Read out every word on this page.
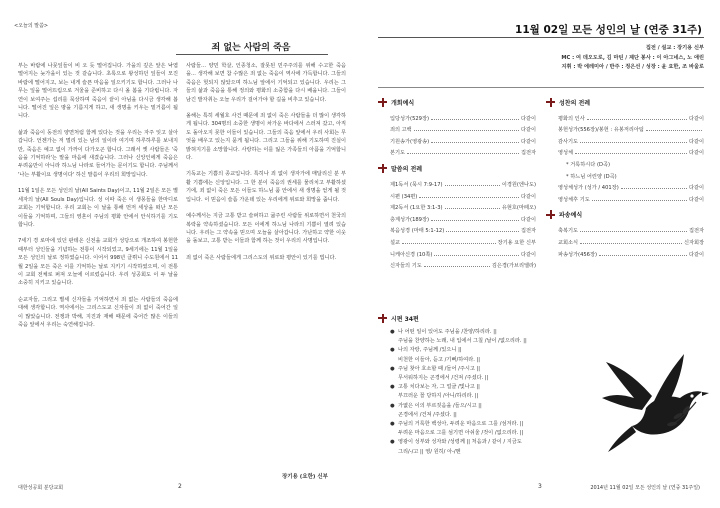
<오늘의 말씀>
죄 없는 사람의 죽음

부는 바람에 나뭇잎들이 비 오 듯 떨어집니다. 가을의 깊은 앞은 낙엽 떨어지는 늦가을이 있는 것 같습니다. 초록으로 왕성하던 잎들이 모진 바람에 떨어지고, 보는 내게 슬픈 마음을 일으키기도 합니다. 그러나 나무는 잎을 떨어뜨림으로 겨울을 준비하고 다시 올 봄을 기다립니다. 자연이 보여주는 섭리를 묵상하며 죽음이 끝이 아님을 다시금 생각해 봅니다. 떨어진 잎은 땅을 기름지게 하고, 새 생명을 키우는 밑거름이 됩니다.

삶과 죽음이 동전의 양면처럼 함께 있다는 것을 우리는 자주 잊고 살아갑니다. 언젠가는 저 멀리 있는 남의 일이라 여기며 하루하루를 보내지만, 죽음은 예고 없이 가까이 다가오곤 합니다. 그래서 옛 사람들은 '죽음을 기억하라'는 말을 마음에 새겼습니다. 그러나 신앙인에게 죽음은 두려움만이 아니라 하느님 나라로 들어가는 문이기도 합니다. 주님께서 '나는 부활이요 생명이다' 하신 말씀이 우리의 희망입니다.

11월 1일은 모든 성인의 날(All Saints Day)이고, 11월 2일은 모든 별세자의 날(All Souls Day)입니다. 성 이따 죽은 이 생몽들을 한마디로 교회는 기억합니다. 우리 교회는 이 날을 통해 먼저 세상을 떠난 모든 이들을 기억하며, 그들의 영혼이 주님의 평화 안에서 안식하기를 기도합니다.

7세기 경 로마에 있던 판테온 신전을 교회가 성당으로 개조하여 봉헌한 때부터 성인들을 기념하는 전통이 시작되었고, 9세기에는 11월 1일을 모든 성인의 날로 정하였습니다. 이어서 998년 클뤼니 수도원에서 11월 2일을 모든 죽은 이를 기억하는 날로 지키기 시작하였으며, 이 전통이 교회 전체로 퍼져 오늘에 이르렀습니다. 우리 성공회도 이 두 날을 소중히 지키고 있습니다.

순교자들, 그리고 별세 신자들을 기억하면서 죄 없는 사람들의 죽음에 대해 생각합니다. 역사에서는 그리스도교 신자들이 죄 없이 죽어간 일이 많았습니다. 전쟁과 박해, 지진과 재해 때문에 죽어간 많은 이들의 죽음 앞에서 우리는 숙연해집니다.

사람들... 양민 학살, 인종청소, 잘못된 민주주의를 위해 수고한 죽음을... 생각해 보면 참 수많은 죄 없는 죽음이 역사에 가득합니다. 그들의 죽음은 헛되지 않았으며 하느님 앞에서 기억되고 있습니다. 우리는 그들의 삶과 죽음을 통해 정의와 평화의 소중함을 다시 배웁니다. 그들이 남긴 발자취는 오늘 우리가 걸어가야 할 길을 비추고 있습니다.

올해는 특히 세월호 사건 때문에 죄 없이 죽은 사람들을 더 많이 생각하게 됩니다. 304명의 소중한 생명이 차가운 바다에서 스러져 갔고, 아직도 돌아오지 못한 이들이 있습니다. 그들의 죽음 앞에서 우리 사회는 무엇을 배우고 있는지 묻게 됩니다. 그리고 그들을 위해 기도하며 진실이 밝혀지기를 소망합니다. 사랑하는 이를 잃은 가족들의 아픔을 기억합니다.

기독교는 기쁨의 종교입니다. 특히나 죄 없이 생자가에 매달리신 분 부활 기쁨에는 신앙입니다. 그 한 분이 죽음의 권세를 물리치고 부활하셨기에, 죄 없이 죽은 모든 이들도 하느님 품 안에서 새 생명을 얻게 될 것입니다. 이 믿음이 슬픔 가운데 있는 우리에게 위로와 희망을 줍니다.

예수께서는 지금 고통 받고 슬퍼하고 굶주린 사람들 위로하면서 천국의 복락을 약속하셨습니다. 모든 이에게 하느님 나라의 기쁨이 열려 있습니다. 우리는 그 약속을 믿으며 오늘을 살아갑니다. 가난하고 약한 이웃을 돌보고, 고통 받는 이들과 함께 하는 것이 우리의 사명입니다.

죄 없이 죽은 사람들에게 그리스도의 위로와 평안이 있기를 빕니다.

장기용 (요한) 신부
대한성공회 분당교회	2
11월 02일 모든 성인의 날 (연중 31주)
집전 / 설교 : 장기용 신부
MC : 여 데오도로, 김 마틴 / 제단 봉사 : 이 아그네스, 노 애린
지휘 : 박 에레미아 / 반주 : 정은선 / 성장 : 윤 요한, 조 바울로
개회예식
입당성가(529장)	다같이
죄의 고백	다같이
기원송가(영광송)	다같이
본기도	집전자
말씀의 전례
제1독서 (묵시 7:9-17)	이경원(엔나도)
시편 (34편)	다같이
제2독서 (1요한 3:1-3)	유현호(마떼오)
층계성가(189장)	다같이
복음성경 (마태 5:1-12)	집전자
설교	장기용 요한 신부
니케아신경 (10쪽)	다같이
신자들의 기도	김은경(가브리엘라)
성찬의 전례
평화의 인사	다같이
봉헌성가(556장)/봉헌 : 유봉저리아팀
감사기도	다같이
영성체	다같이
* 거룩하시다 (D곡)
* 하느님 어린양 (D곡)
영성체성가 (성가 / 401장)	다같이
영성체후 기도	다같이
파송예식
축복기도	집전자
교회소식	신자회장
파송성가(456장)	다같이
시편 34편
● 나 어떤 일이 있어도 주님을 /찬양/하리라. ||
주님을 찬양하는 노래, 내 입에서 그칠 /날이 /없으리라. ||
● 나의 자랑, 주님께 /있으니 ||
비천한 이들아, 듣고 /기뻐/하여라. ||
● 주님 찾아 호소할 때 /들어 /주시고 ||
무서워하지는 곤경에서 /건져 /주셨다. ||
● 고통 치다보는 자, 그 얼굴 /빛나고 ||
부끄러운 꼴 당하지 /아니/하리라. ||
● 가엾은 이의 부르짖음을 /들으/시고 ||
곤경에서 /건져 /주셨다. ||
● 주님의 거룩한 백성아, 두려운 마음으로 그를 /섬겨라. ||
두려운 마음으로 그를 섬기면 아쉬울 /것이 /없으리라. ||
● 영광이 성부와 성자와 /성령께 || 처음과 / 같이 / 지금도
그리/-/고 || 영/ 원히/ 아-/멘
3	2014년 11월 02일 모든 성인의 날 (연중 31주일)
